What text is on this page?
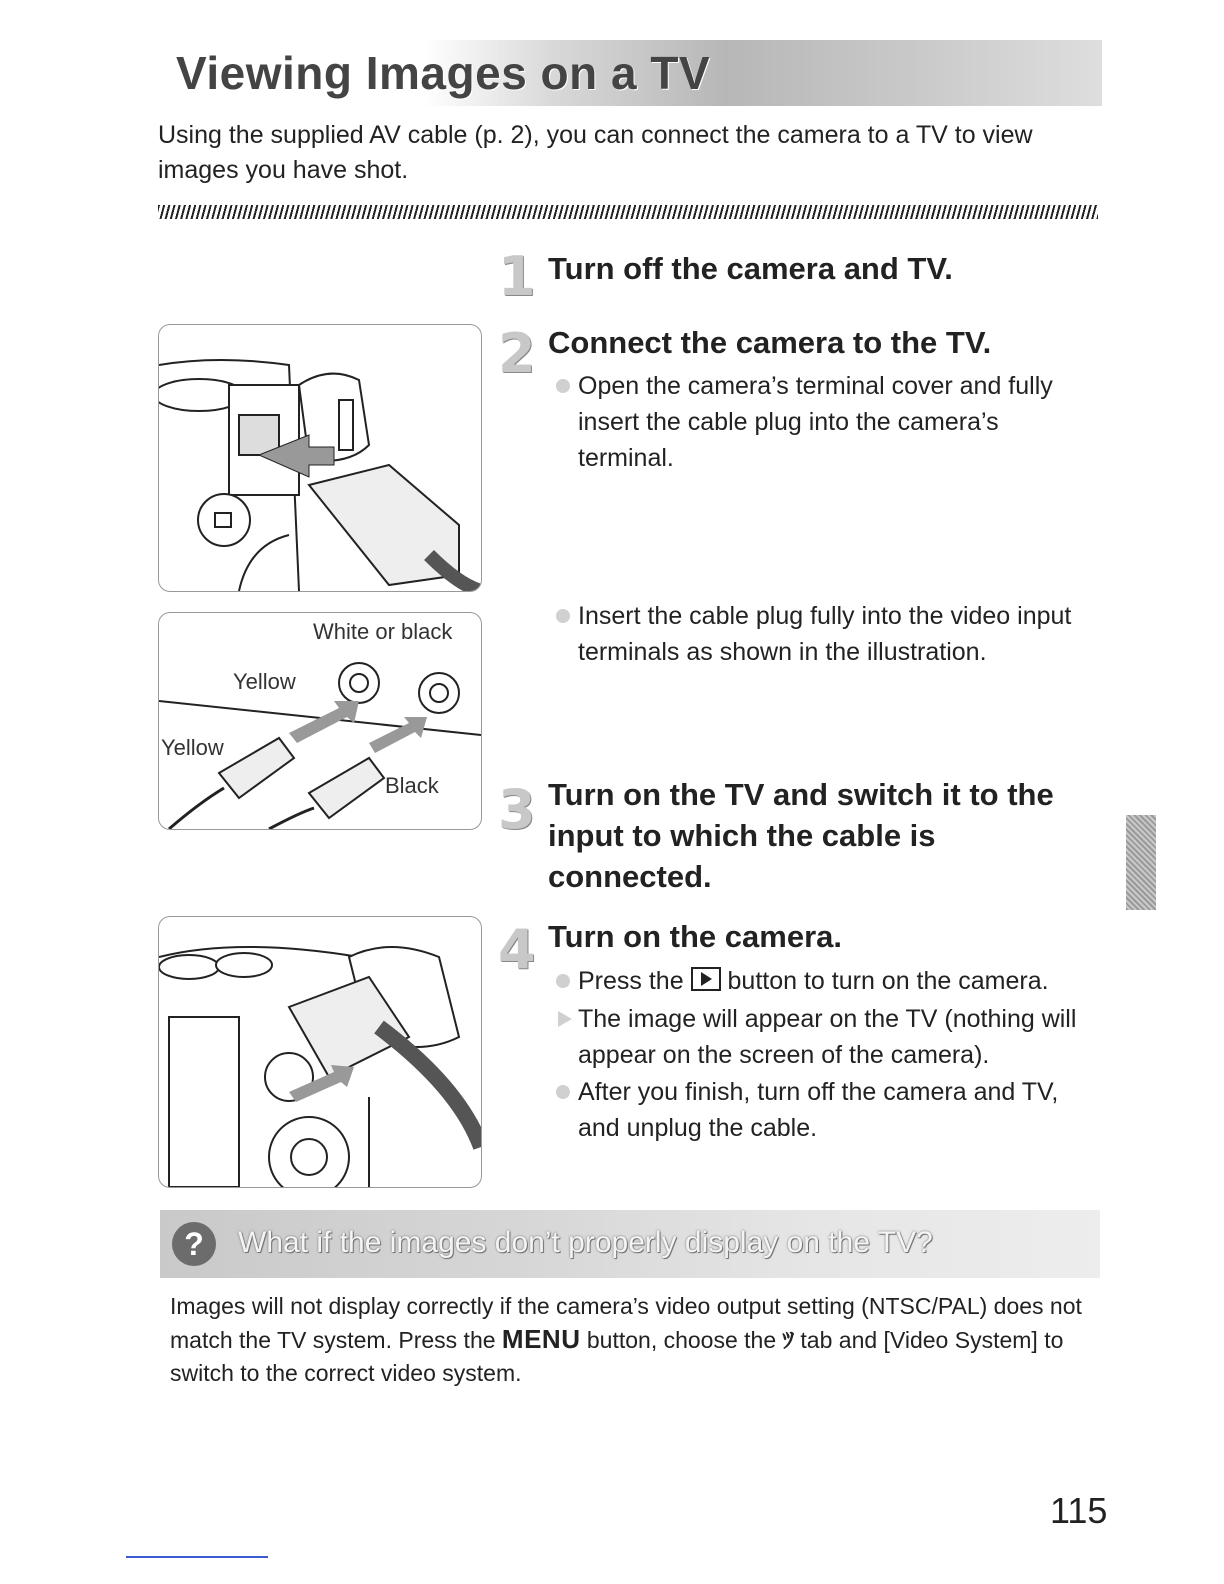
Viewing Images on a TV
Using the supplied AV cable (p. 2), you can connect the camera to a TV to view images you have shot.
1 Turn off the camera and TV.
2 Connect the camera to the TV.
Open the camera’s terminal cover and fully insert the cable plug into the camera’s terminal.
Insert the cable plug fully into the video input terminals as shown in the illustration.
3 Turn on the TV and switch it to the input to which the cable is connected.
4 Turn on the camera.
Press the button to turn on the camera.
The image will appear on the TV (nothing will appear on the screen of the camera).
After you finish, turn off the camera and TV, and unplug the cable.
White or black
Yellow
Yellow
Black
?	What if the images don’t properly display on the TV?
Images will not display correctly if the camera’s video output setting (NTSC/PAL) does not match the TV system. Press the MENU button, choose the ﾂ tab and [Video System] to switch to the correct video system.
115
